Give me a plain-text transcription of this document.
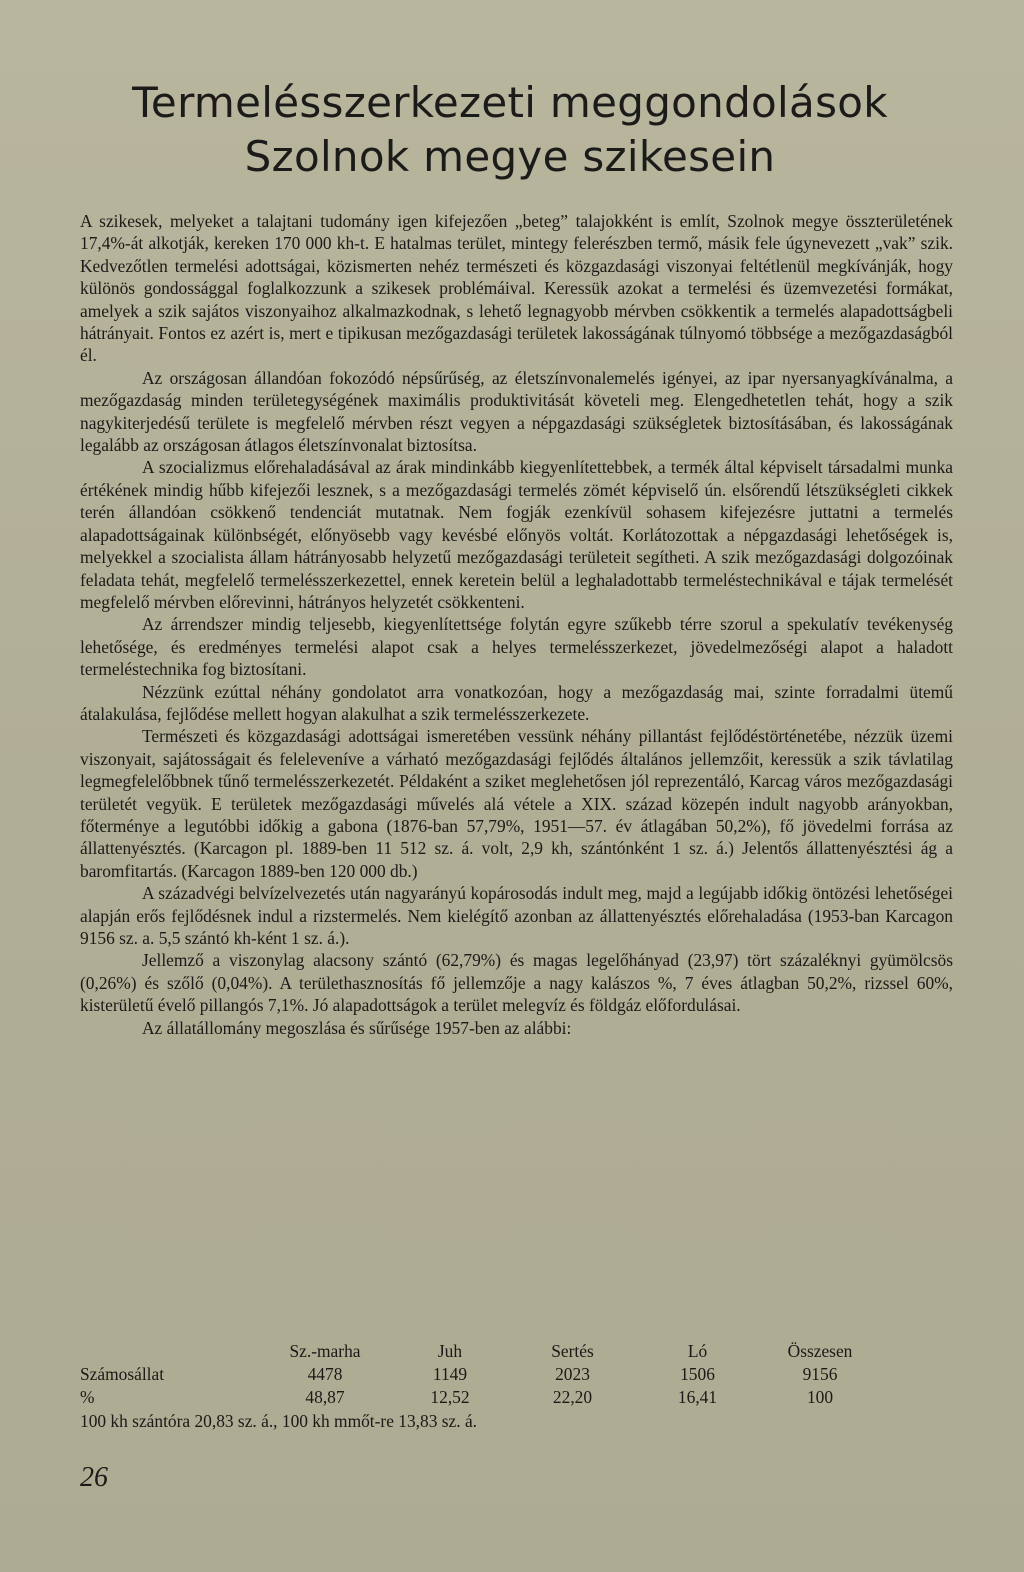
Termelésszerkezeti meggondolások
Szolnok megye szikesein

A szikesek, melyeket a talajtani tudomány igen kifejezően „beteg” talajokként is említ, Szolnok megye összterületének 17,4%-át alkotják, kereken 170 000 kh-t. E hatalmas terület, mintegy felerészben termő, másik fele úgynevezett „vak” szik. Kedvezőtlen termelési adottságai, közismerten nehéz természeti és közgazdasági viszonyai feltétlenül megkívánják, hogy különös gondossággal foglalkozzunk a szikesek problémáival. Keressük azokat a termelési és üzemvezetési formákat, amelyek a szik sajátos viszonyaihoz alkalmazkodnak, s lehető legnagyobb mérvben csökkentik a termelés alapadottságbeli hátrányait. Fontos ez azért is, mert e tipikusan mezőgazdasági területek lakosságának túlnyomó többsége a mezőgazdaságból él.

Az országosan állandóan fokozódó népsűrűség, az életszínvonalemelés igényei, az ipar nyersanyagkívánalma, a mezőgazdaság minden területegységének maximális produktivitását követeli meg. Elengedhetetlen tehát, hogy a szik nagykiterjedésű területe is megfelelő mérvben részt vegyen a népgazdasági szükségletek biztosításában, és lakosságának legalább az országosan átlagos életszínvonalat biztosítsa.

A szocializmus előrehaladásával az árak mindinkább kiegyenlítettebbek, a termék által képviselt társadalmi munka értékének mindig hűbb kifejezői lesznek, s a mezőgazdasági termelés zömét képviselő ún. elsőrendű létszükségleti cikkek terén állandóan csökkenő tendenciát mutatnak. Nem fogják ezenkívül sohasem kifejezésre juttatni a termelés alapadottságainak különbségét, előnyösebb vagy kevésbé előnyös voltát. Korlátozottak a népgazdasági lehetőségek is, melyekkel a szocialista állam hátrányosabb helyzetű mezőgazdasági területeit segítheti. A szik mezőgazdasági dolgozóinak feladata tehát, megfelelő termelésszerkezettel, ennek keretein belül a leghaladottabb termeléstechnikával e tájak termelését megfelelő mérvben előrevinni, hátrányos helyzetét csökkenteni.

Az árrendszer mindig teljesebb, kiegyenlítettsége folytán egyre szűkebb térre szorul a spekulatív tevékenység lehetősége, és eredményes termelési alapot csak a helyes termelésszerkezet, jövedelmezőségi alapot a haladott termeléstechnika fog biztosítani.

Nézzünk ezúttal néhány gondolatot arra vonatkozóan, hogy a mezőgazdaság mai, szinte forradalmi ütemű átalakulása, fejlődése mellett hogyan alakulhat a szik termelésszerkezete.

Természeti és közgazdasági adottságai ismeretében vessünk néhány pillantást fejlődéstörténetébe, nézzük üzemi viszonyait, sajátosságait és feleleveníve a várható mezőgazdasági fejlődés általános jellemzőit, keressük a szik távlatilag legmegfelelőbbnek tűnő termelésszerkezetét. Példaként a sziket meglehetősen jól reprezentáló, Karcag város mezőgazdasági területét vegyük. E területek mezőgazdasági művelés alá vétele a XIX. század közepén indult nagyobb arányokban, főterménye a legutóbbi időkig a gabona (1876-ban 57,79%, 1951—57. év átlagában 50,2%), fő jövedelmi forrása az állattenyésztés. (Karcagon pl. 1889-ben 11 512 sz. á. volt, 2,9 kh, szántónként 1 sz. á.) Jelentős állattenyésztési ág a baromfitartás. (Karcagon 1889-ben 120 000 db.)

A századvégi belvízelvezetés után nagyarányú kopárosodás indult meg, majd a legújabb időkig öntözési lehetőségei alapján erős fejlődésnek indul a rizstermelés. Nem kielégítő azonban az állattenyésztés előrehaladása (1953-ban Karcagon 9156 sz. a. 5,5 szántó kh-ként 1 sz. á.).

Jellemző a viszonylag alacsony szántó (62,79%) és magas legelőhányad (23,97) tört százaléknyi gyümölcsös (0,26%) és szőlő (0,04%). A területhasznosítás fő jellemzője a nagy kalászos %, 7 éves átlagban 50,2%, rizssel 60%, kisterületű évelő pillangós 7,1%. Jó alapadottságok a terület melegvíz és földgáz előfordulásai.

Az állatállomány megoszlása és sűrűsége 1957-ben az alábbi:

	Sz.-marha	Juh	Sertés	Ló	Összesen
Számosállat	4478	1149	2023	1506	9156
%	48,87	12,52	22,20	16,41	100
100 kh szántóra 20,83 sz. á., 100 kh mmőt-re 13,83 sz. á.
26
